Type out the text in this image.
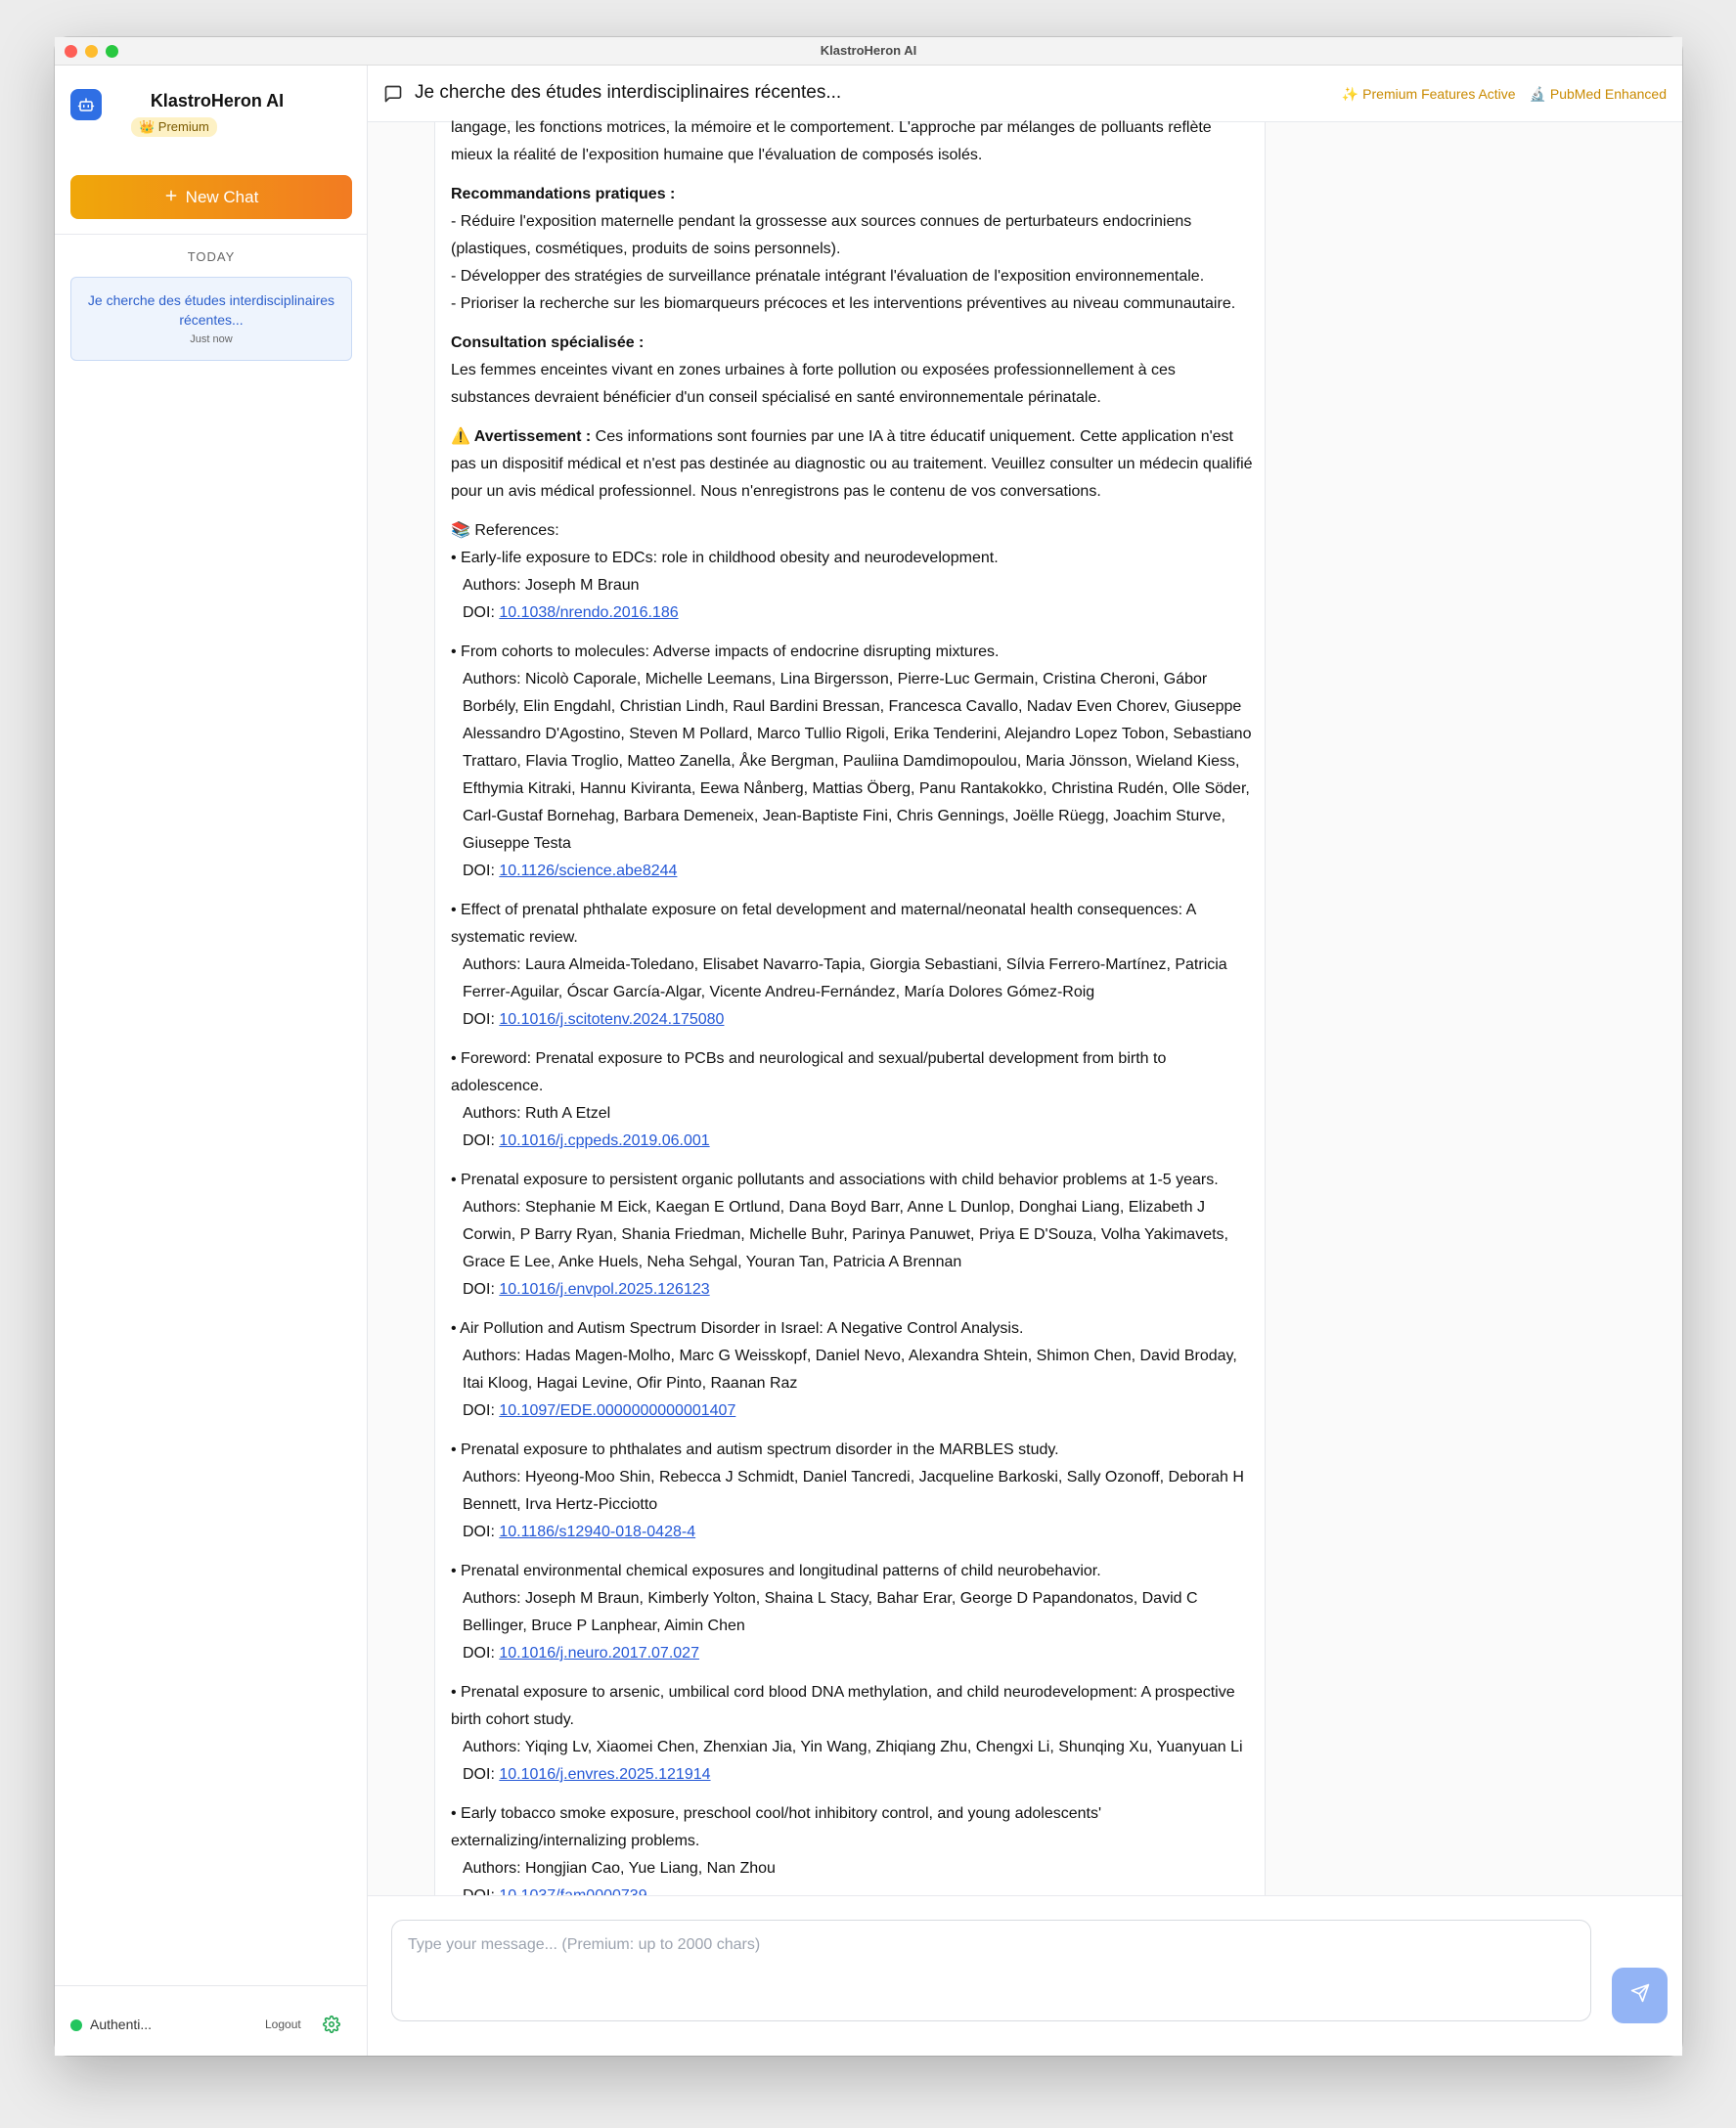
KlastroHeron AI
KlastroHeron AI
👑 Premium
New Chat
TODAY
Je cherche des études interdisciplinaires récentes...
Just now
Authenti...	Logout
Je cherche des études interdisciplinaires récentes...	✨ Premium Features Active 🔬 PubMed Enhanced

langage, les fonctions motrices, la mémoire et le comportement. L'approche par mélanges de polluants reflète mieux la réalité de l'exposition humaine que l'évaluation de composés isolés.

Recommandations pratiques :
- Réduire l'exposition maternelle pendant la grossesse aux sources connues de perturbateurs endocriniens (plastiques, cosmétiques, produits de soins personnels).
- Développer des stratégies de surveillance prénatale intégrant l'évaluation de l'exposition environnementale.
- Prioriser la recherche sur les biomarqueurs précoces et les interventions préventives au niveau communautaire.

Consultation spécialisée :
Les femmes enceintes vivant en zones urbaines à forte pollution ou exposées professionnellement à ces substances devraient bénéficier d'un conseil spécialisé en santé environnementale périnatale.

⚠️ Avertissement : Ces informations sont fournies par une IA à titre éducatif uniquement. Cette application n'est pas un dispositif médical et n'est pas destinée au diagnostic ou au traitement. Veuillez consulter un médecin qualifié pour un avis médical professionnel. Nous n'enregistrons pas le contenu de vos conversations.

📚 References:
• Early-life exposure to EDCs: role in childhood obesity and neurodevelopment.
Authors: Joseph M Braun
DOI: 10.1038/nrendo.2016.186
• From cohorts to molecules: Adverse impacts of endocrine disrupting mixtures.
Authors: Nicolò Caporale, Michelle Leemans, Lina Birgersson, Pierre-Luc Germain, Cristina Cheroni, Gábor Borbély, Elin Engdahl, Christian Lindh, Raul Bardini Bressan, Francesca Cavallo, Nadav Even Chorev, Giuseppe Alessandro D'Agostino, Steven M Pollard, Marco Tullio Rigoli, Erika Tenderini, Alejandro Lopez Tobon, Sebastiano Trattaro, Flavia Troglio, Matteo Zanella, Åke Bergman, Pauliina Damdimopoulou, Maria Jönsson, Wieland Kiess, Efthymia Kitraki, Hannu Kiviranta, Eewa Nånberg, Mattias Öberg, Panu Rantakokko, Christina Rudén, Olle Söder, Carl-Gustaf Bornehag, Barbara Demeneix, Jean-Baptiste Fini, Chris Gennings, Joëlle Rüegg, Joachim Sturve, Giuseppe Testa
DOI: 10.1126/science.abe8244
• Effect of prenatal phthalate exposure on fetal development and maternal/neonatal health consequences: A systematic review.
Authors: Laura Almeida-Toledano, Elisabet Navarro-Tapia, Giorgia Sebastiani, Sílvia Ferrero-Martínez, Patricia Ferrer-Aguilar, Óscar García-Algar, Vicente Andreu-Fernández, María Dolores Gómez-Roig
DOI: 10.1016/j.scitotenv.2024.175080
• Foreword: Prenatal exposure to PCBs and neurological and sexual/pubertal development from birth to adolescence.
Authors: Ruth A Etzel
DOI: 10.1016/j.cppeds.2019.06.001
• Prenatal exposure to persistent organic pollutants and associations with child behavior problems at 1-5 years.
Authors: Stephanie M Eick, Kaegan E Ortlund, Dana Boyd Barr, Anne L Dunlop, Donghai Liang, Elizabeth J Corwin, P Barry Ryan, Shania Friedman, Michelle Buhr, Parinya Panuwet, Priya E D'Souza, Volha Yakimavets, Grace E Lee, Anke Huels, Neha Sehgal, Youran Tan, Patricia A Brennan
DOI: 10.1016/j.envpol.2025.126123
• Air Pollution and Autism Spectrum Disorder in Israel: A Negative Control Analysis.
Authors: Hadas Magen-Molho, Marc G Weisskopf, Daniel Nevo, Alexandra Shtein, Shimon Chen, David Broday, Itai Kloog, Hagai Levine, Ofir Pinto, Raanan Raz
DOI: 10.1097/EDE.0000000000001407
• Prenatal exposure to phthalates and autism spectrum disorder in the MARBLES study.
Authors: Hyeong-Moo Shin, Rebecca J Schmidt, Daniel Tancredi, Jacqueline Barkoski, Sally Ozonoff, Deborah H Bennett, Irva Hertz-Picciotto
DOI: 10.1186/s12940-018-0428-4
• Prenatal environmental chemical exposures and longitudinal patterns of child neurobehavior.
Authors: Joseph M Braun, Kimberly Yolton, Shaina L Stacy, Bahar Erar, George D Papandonatos, David C Bellinger, Bruce P Lanphear, Aimin Chen
DOI: 10.1016/j.neuro.2017.07.027
• Prenatal exposure to arsenic, umbilical cord blood DNA methylation, and child neurodevelopment: A prospective birth cohort study.
Authors: Yiqing Lv, Xiaomei Chen, Zhenxian Jia, Yin Wang, Zhiqiang Zhu, Chengxi Li, Shunqing Xu, Yuanyuan Li
DOI: 10.1016/j.envres.2025.121914
• Early tobacco smoke exposure, preschool cool/hot inhibitory control, and young adolescents' externalizing/internalizing problems.
Authors: Hongjian Cao, Yue Liang, Nan Zhou
Type your message... (Premium: up to 2000 chars)
